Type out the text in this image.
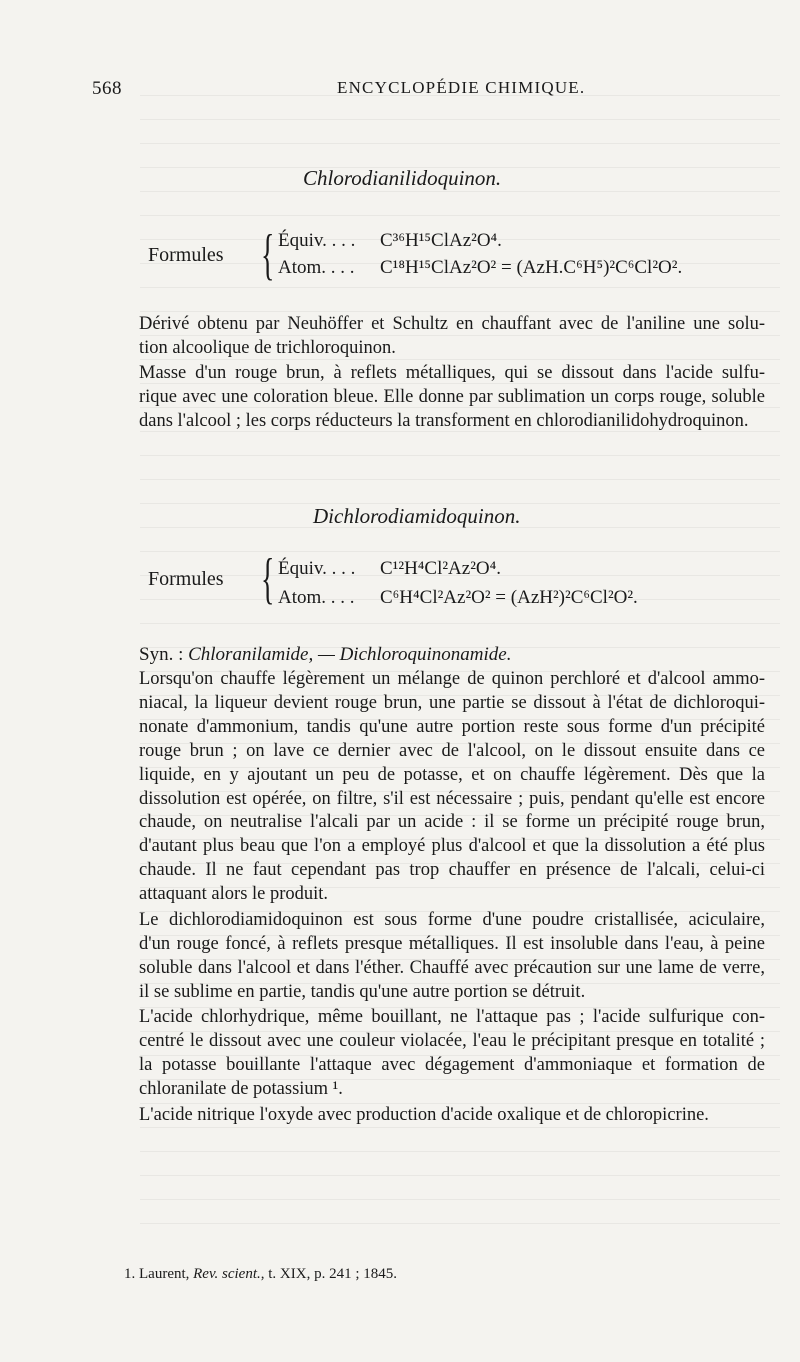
568	ENCYCLOPÉDIE CHIMIQUE.
Chlorodianilidoquinon.
Formules { Équiv. . . . C³⁶H¹⁵ClAz²O⁴.
Atom. . . . C¹⁸H¹⁵ClAz²O² = (AzH.C⁶H⁵)²C⁶Cl²O².
Dérivé obtenu par Neuhöffer et Schultz en chauffant avec de l'aniline une solu-
tion alcoolique de trichloroquinon.
Masse d'un rouge brun, à reflets métalliques, qui se dissout dans l'acide sulfu-
rique avec une coloration bleue. Elle donne par sublimation un corps rouge, soluble
dans l'alcool ; les corps réducteurs la transforment en chlorodianilidohydroquinon.
Dichlorodiamidoquinon.
Formules { Équiv. . . . C¹²H⁴Cl²Az²O⁴.
Atom. . . . C⁶H⁴Cl²Az²O² = (AzH²)²C⁶Cl²O².
Syn. : Chloranilamide, — Dichloroquinonamide.
Lorsqu'on chauffe légèrement un mélange de quinon perchloré et d'alcool ammo-
niacal, la liqueur devient rouge brun, une partie se dissout à l'état de dichloroqui-
nonate d'ammonium, tandis qu'une autre portion reste sous forme d'un précipité
rouge brun ; on lave ce dernier avec de l'alcool, on le dissout ensuite dans ce
liquide, en y ajoutant un peu de potasse, et on chauffe légèrement. Dès que la
dissolution est opérée, on filtre, s'il est nécessaire ; puis, pendant qu'elle est encore
chaude, on neutralise l'alcali par un acide : il se forme un précipité rouge brun,
d'autant plus beau que l'on a employé plus d'alcool et que la dissolution a été plus
chaude. Il ne faut cependant pas trop chauffer en présence de l'alcali, celui-ci
attaquant alors le produit.
Le dichlorodiamidoquinon est sous forme d'une poudre cristallisée, aciculaire,
d'un rouge foncé, à reflets presque métalliques. Il est insoluble dans l'eau, à peine
soluble dans l'alcool et dans l'éther. Chauffé avec précaution sur une lame de verre,
il se sublime en partie, tandis qu'une autre portion se détruit.
L'acide chlorhydrique, même bouillant, ne l'attaque pas ; l'acide sulfurique con-
centré le dissout avec une couleur violacée, l'eau le précipitant presque en totalité ;
la potasse bouillante l'attaque avec dégagement d'ammoniaque et formation de
chloranilate de potassium ¹.
L'acide nitrique l'oxyde avec production d'acide oxalique et de chloropicrine.
1. Laurent, Rev. scient., t. XIX, p. 241 ; 1845.
